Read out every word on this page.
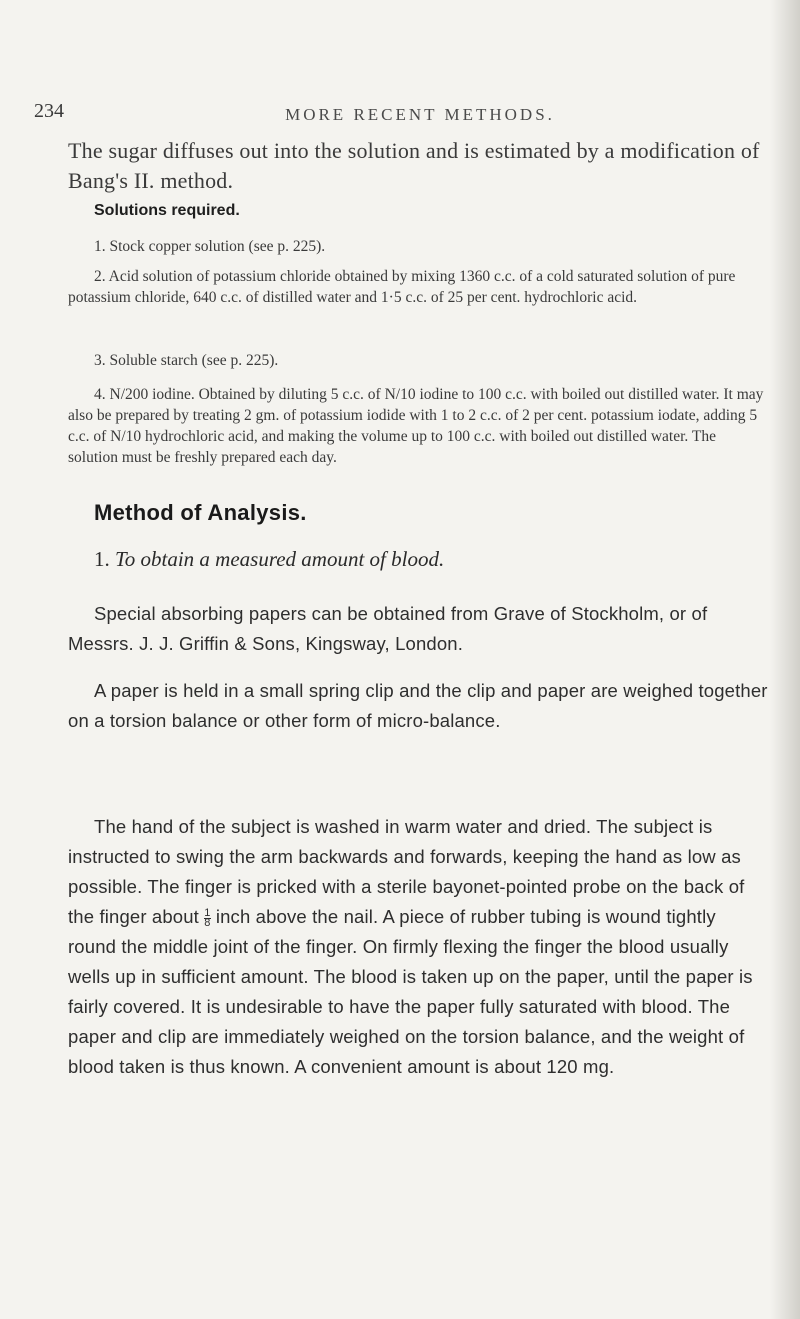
234	MORE RECENT METHODS.

The sugar diffuses out into the solution and is estimated by a modification of Bang's II. method.

Solutions required.

1. Stock copper solution (see p. 225).

2. Acid solution of potassium chloride obtained by mixing 1360 c.c. of a cold saturated solution of pure potassium chloride, 640 c.c. of distilled water and 1·5 c.c. of 25 per cent. hydrochloric acid.

3. Soluble starch (see p. 225).

4. N/200 iodine. Obtained by diluting 5 c.c. of N/10 iodine to 100 c.c. with boiled out distilled water. It may also be prepared by treating 2 gm. of potassium iodide with 1 to 2 c.c. of 2 per cent. potassium iodate, adding 5 c.c. of N/10 hydrochloric acid, and making the volume up to 100 c.c. with boiled out distilled water. The solution must be freshly prepared each day.

Method of Analysis.
1. To obtain a measured amount of blood.

Special absorbing papers can be obtained from Grave of Stockholm, or of Messrs. J. J. Griffin & Sons, Kingsway, London.

A paper is held in a small spring clip and the clip and paper are weighed together on a torsion balance or other form of micro-balance.

The hand of the subject is washed in warm water and dried. The subject is instructed to swing the arm backwards and forwards, keeping the hand as low as possible. The finger is pricked with a sterile bayonet-pointed probe on the back of the finger about $\frac{1}{8}$ inch above the nail. A piece of rubber tubing is wound tightly round the middle joint of the finger. On firmly flexing the finger the blood usually wells up in sufficient amount. The blood is taken up on the paper, until the paper is fairly covered. It is undesirable to have the paper fully saturated with blood. The paper and clip are immediately weighed on the torsion balance, and the weight of blood taken is thus known. A convenient amount is about 120 mg.
